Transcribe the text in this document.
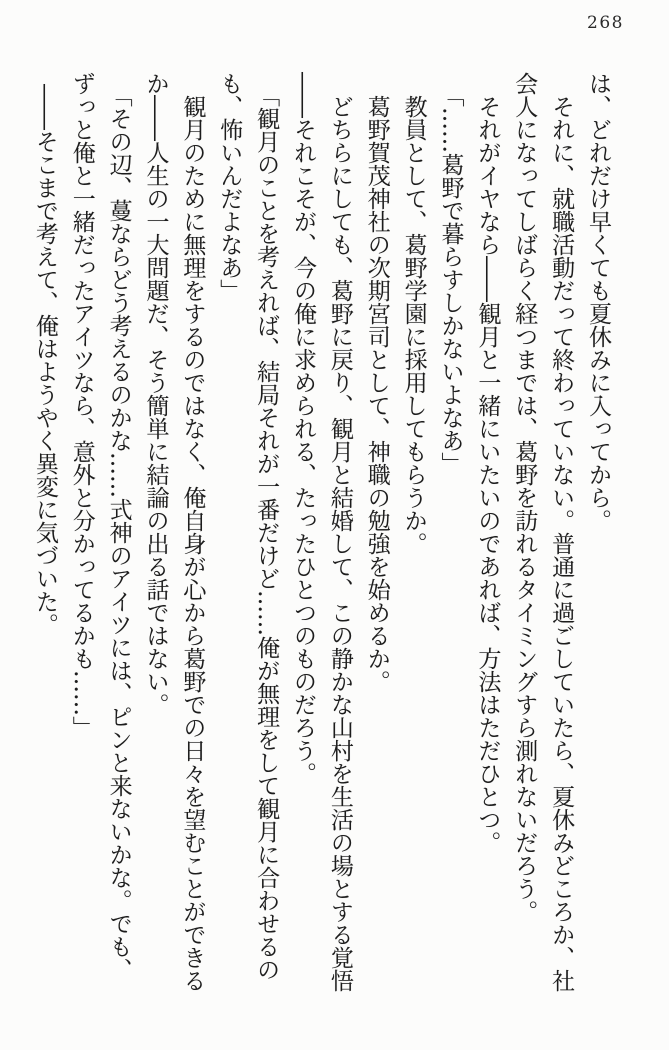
268

は、どれだけ早くても夏休みに入ってから。

それに、就職活動だって終わっていない。普通に過ごしていたら、夏休みどころか、社

会人になってしばらく経つまでは、葛野を訪れるタイミングすら測れないだろう。

それがイヤなら――観月と一緒にいたいのであれば、方法はただひとつ。

「……葛野で暮らすしかないよなあ」

教員として、葛野学園に採用してもらうか。

葛野賀茂神社の次期宮司として、神職の勉強を始めるか。

どちらにしても、葛野に戻り、観月と結婚して、この静かな山村を生活の場とする覚悟

――それこそが、今の俺に求められる、たったひとつのものだろう。

「観月のことを考えれば、結局それが一番だけど……俺が無理をして観月に合わせるの

も、怖いんだよなあ」

観月のために無理をするのではなく、俺自身が心から葛野での日々を望むことができる

か――人生の一大問題だ、そう簡単に結論の出る話ではない。

「その辺、蔓ならどう考えるのかな……式神のアイツには、ピンと来ないかな。でも、

ずっと俺と一緒だったアイツなら、意外と分かってるかも……」

――そこまで考えて、俺はようやく異変に気づいた。
